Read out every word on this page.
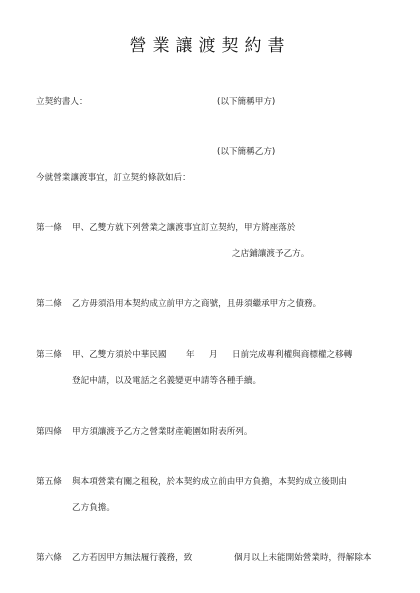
營業讓渡契約書
立契約書人：	(以下簡稱甲方)
(以下簡稱乙方)
今就營業讓渡事宜，訂立契約條款如后：
第一條 甲、乙雙方就下列營業之讓渡事宜訂立契約，甲方將座落於
之店鋪讓渡予乙方。
第二條 乙方毋須沿用本契約成立前甲方之商號，且毋須繼承甲方之債務。
第三條 甲、乙雙方須於中華民國 年 月 日前完成專利權與商標權之移轉
登記申請，以及電話之名義變更申請等各種手續。
第四條 甲方須讓渡予乙方之營業財產範圍如附表所列。
第五條 與本項營業有關之租稅，於本契約成立前由甲方負擔，本契約成立後則由
乙方負擔。
第六條 乙方若因甲方無法履行義務，致	個月以上未能開始營業時，得解除本
